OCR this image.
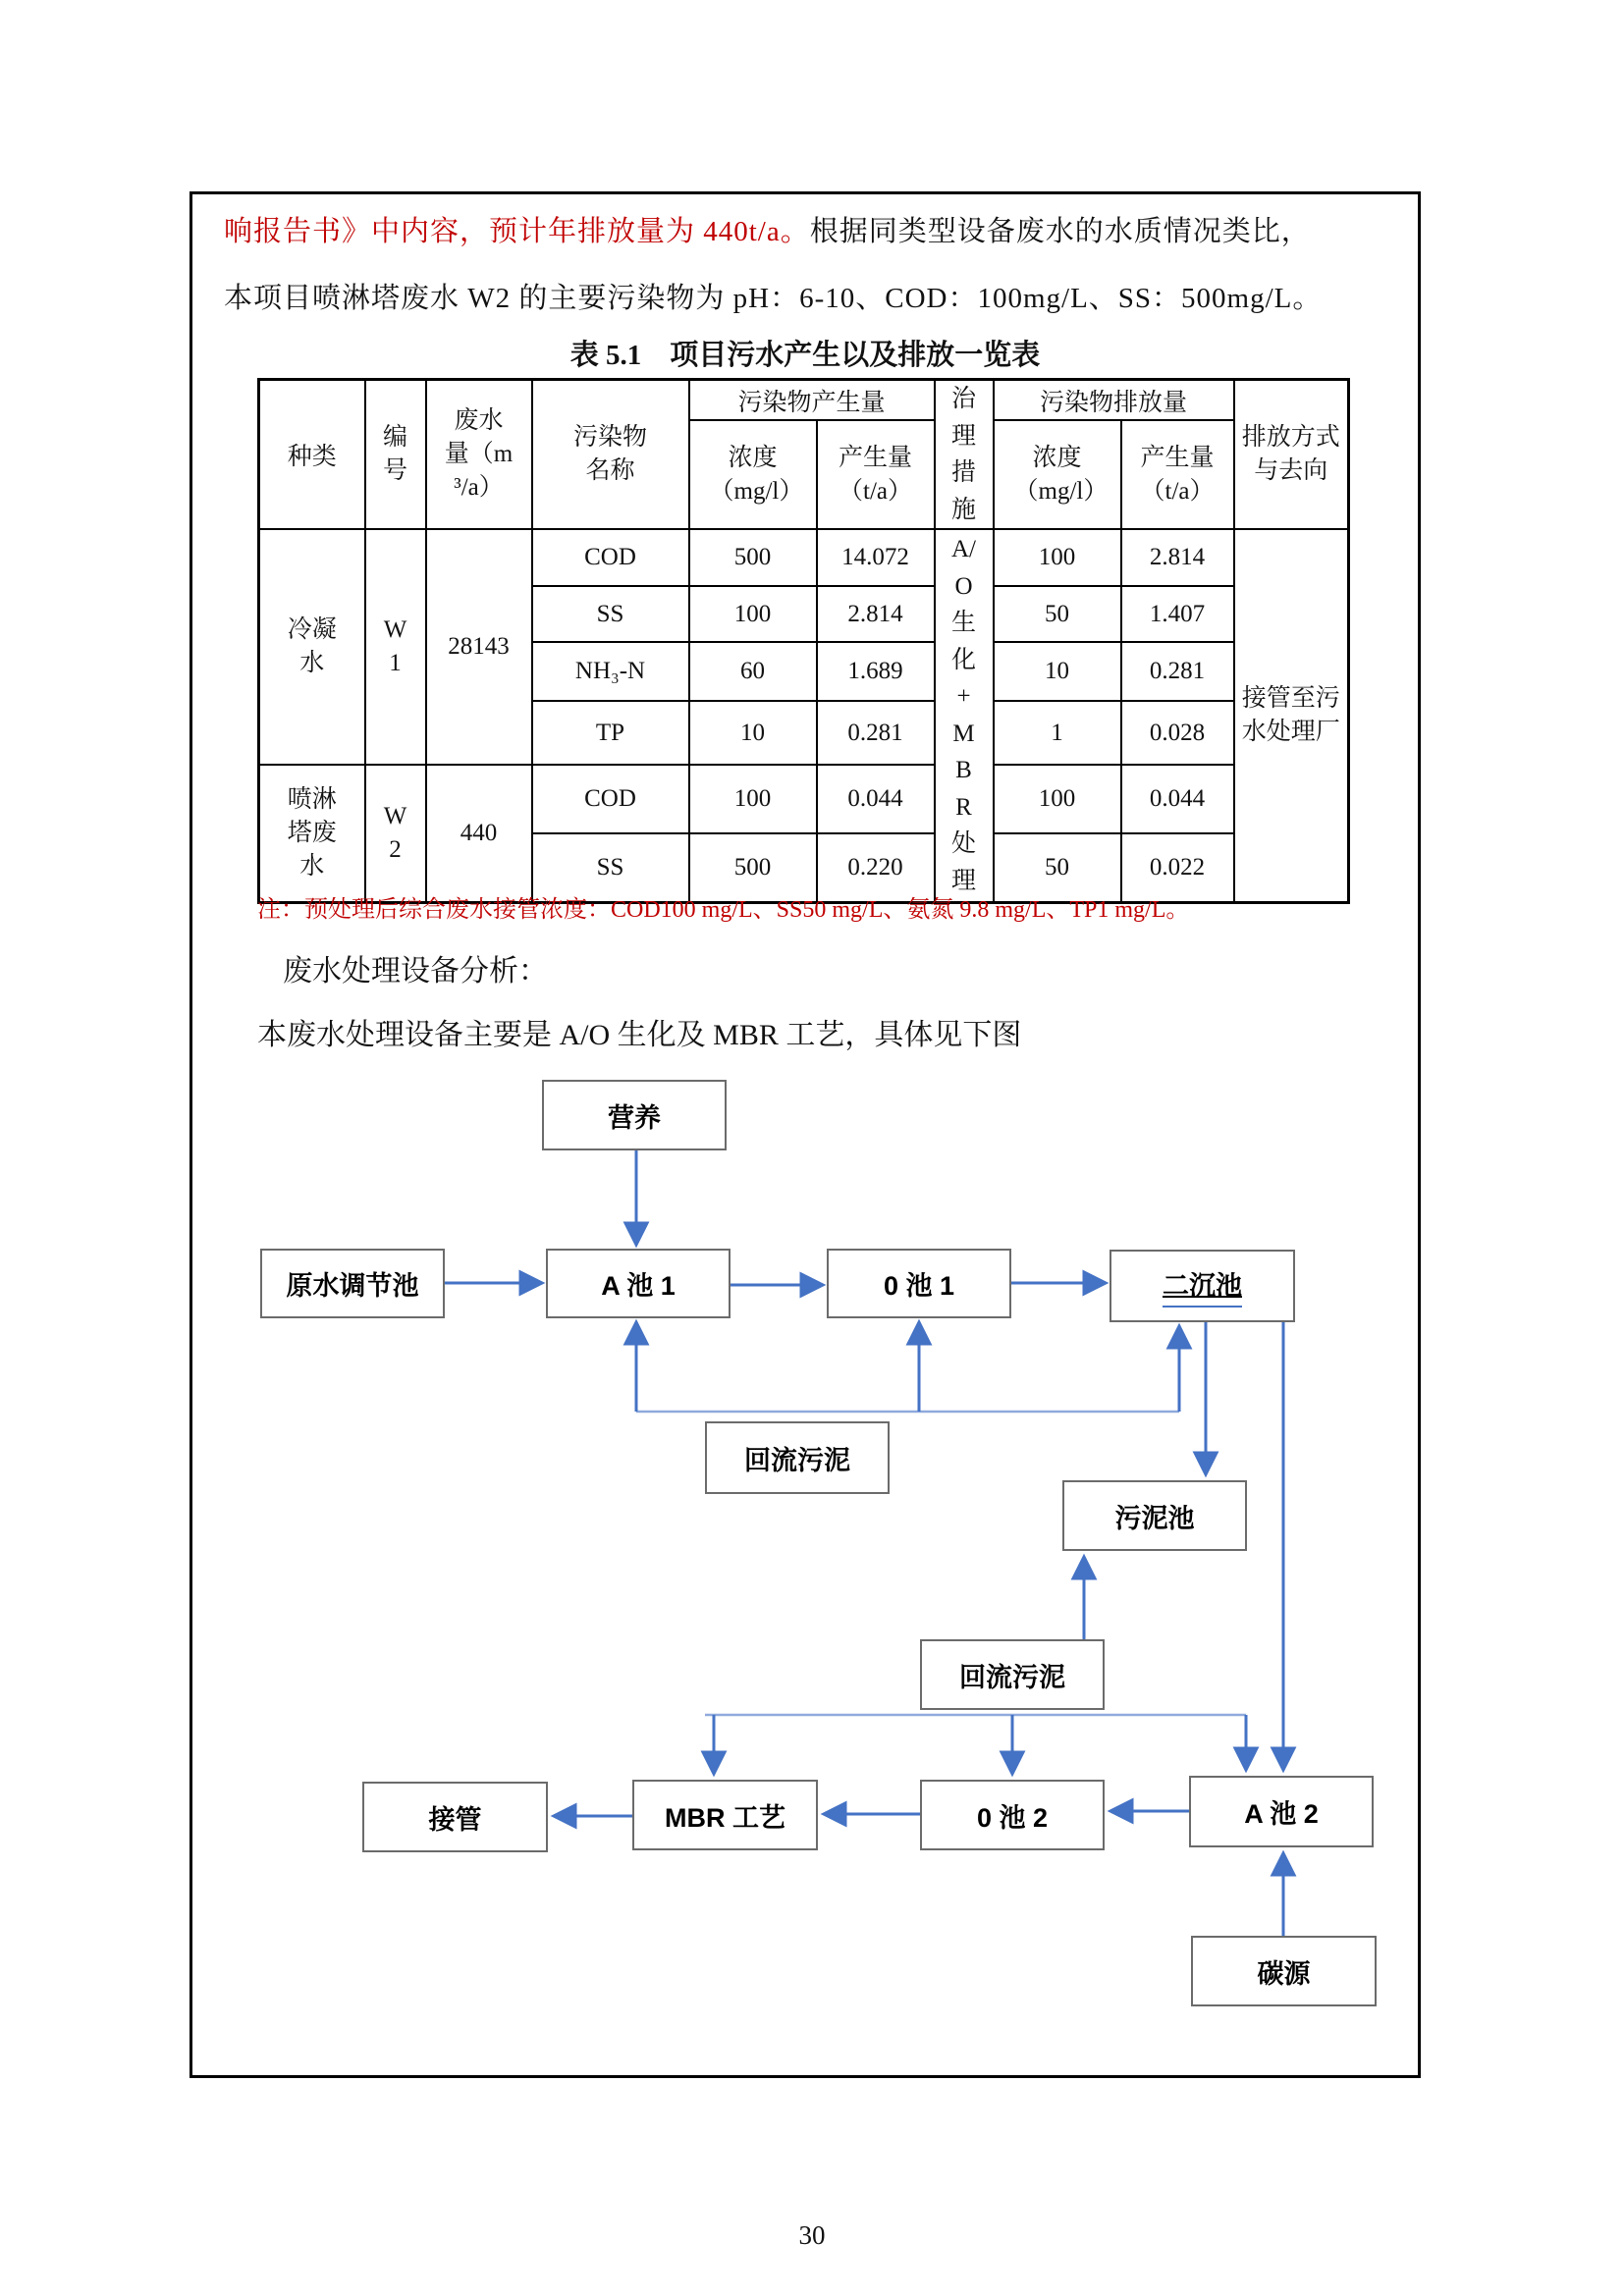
响报告书》中内容，预计年排放量为 440t/a。根据同类型设备废水的水质情况类比，
本项目喷淋塔废水 W2 的主要污染物为 pH：6-10、COD：100mg/L、SS：500mg/L。
表 5.1　项目污水产生以及排放一览表
种类	编号	废水量（m³/a）	污染物名称	污染物产生量		治理措施	污染物排放量		排放方式与去向
				浓度（mg/l）	产生量（t/a）		浓度（mg/l）	产生量（t/a）	
冷凝水	W1	28143	COD	500	14.072	A/O生化+MBR处理	100	2.814	接管至污水处理厂
			SS	100	2.814		50	1.407	
			NH₃-N	60	1.689		10	0.281	
			TP	10	0.281		1	0.028	
喷淋塔废水	W2	440	COD	100	0.044		100	0.044	
			SS	500	0.220		50	0.022	
注：预处理后综合废水接管浓度：COD100 mg/L、SS50 mg/L、氨氮 9.8 mg/L、TP1 mg/L。
废水处理设备分析：
本废水处理设备主要是 A/O 生化及 MBR 工艺，具体见下图
营养
原水调节池	A 池 1	0 池 1	二沉池
回流污泥
污泥池
回流污泥
接管	MBR 工艺	0 池 2	A 池 2
碳源
30
